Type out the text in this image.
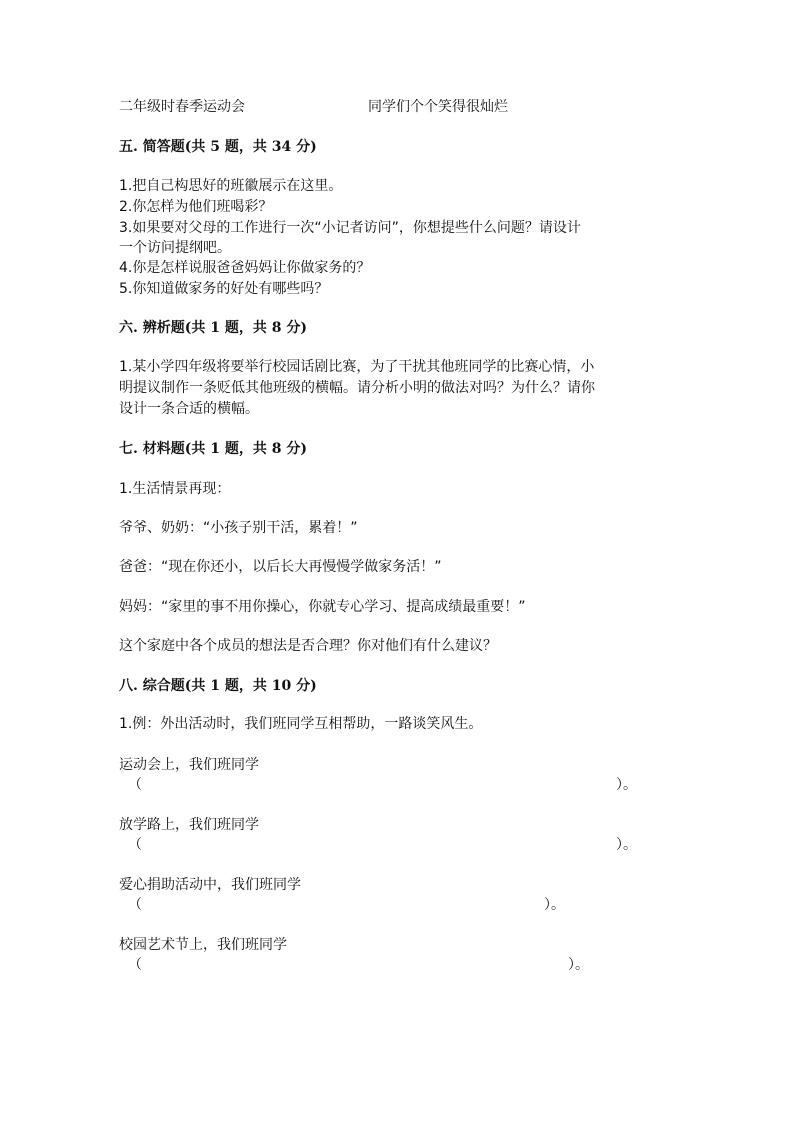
二年级时春季运动会	同学们个个笑得很灿烂
五. 简答题(共 5 题，共 34 分)
1.把自己构思好的班徽展示在这里。
2.你怎样为他们班喝彩？
3.如果要对父母的工作进行一次“小记者访问”，你想提些什么问题？请设计
一个访问提纲吧。
4.你是怎样说服爸爸妈妈让你做家务的？
5.你知道做家务的好处有哪些吗？
六. 辨析题(共 1 题，共 8 分)
1.某小学四年级将要举行校园话剧比赛，为了干扰其他班同学的比赛心情，小
明提议制作一条贬低其他班级的横幅。请分析小明的做法对吗？为什么？请你
设计一条合适的横幅。
七. 材料题(共 1 题，共 8 分)
1.生活情景再现：
爷爷、奶奶：“小孩子别干活，累着！”
爸爸：“现在你还小，以后长大再慢慢学做家务活！”
妈妈：“家里的事不用你操心，你就专心学习、提高成绩最重要！”
这个家庭中各个成员的想法是否合理？你对他们有什么建议？
八. 综合题(共 1 题，共 10 分)
1.例：外出活动时，我们班同学互相帮助，一路谈笑风生。
运动会上，我们班同学
（	）。
放学路上，我们班同学
（	）。
爱心捐助活动中，我们班同学
（	）。
校园艺术节上，我们班同学
（	）。
